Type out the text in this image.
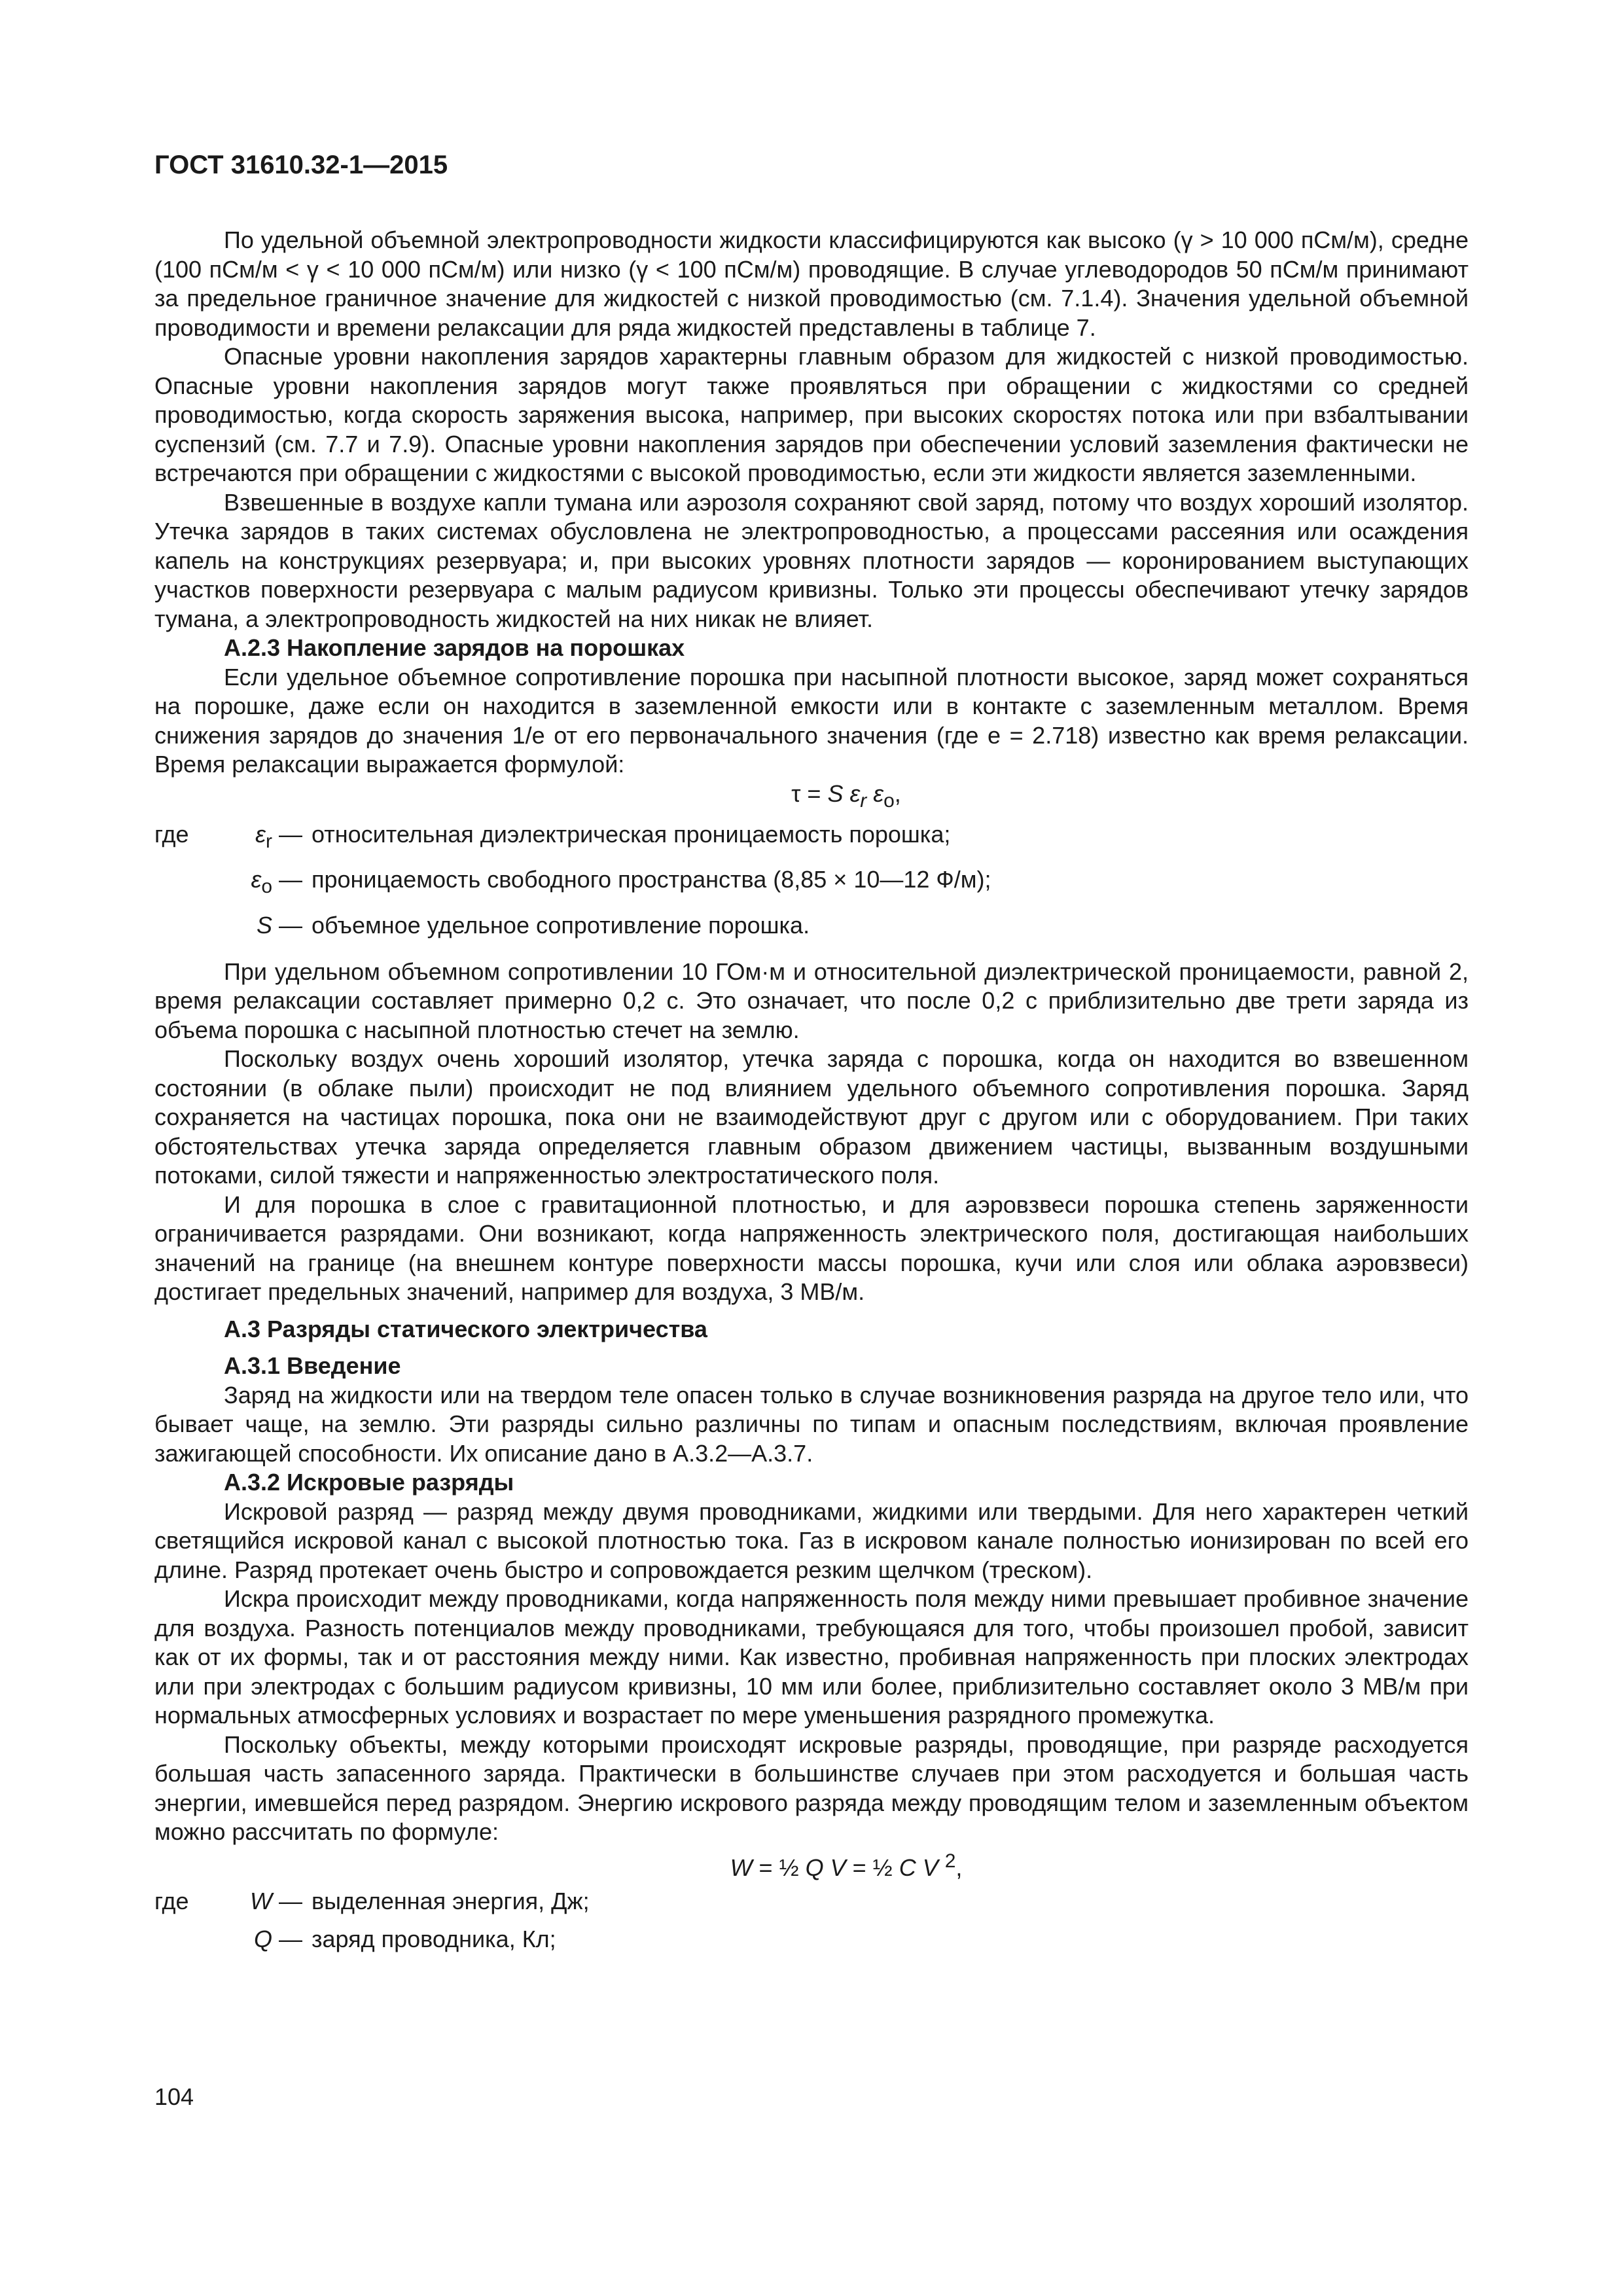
ГОСТ 31610.32-1—2015

По удельной объемной электропроводности жидкости классифицируются как высоко (γ > 10 000 пСм/м), средне (100 пСм/м < γ < 10 000 пСм/м) или низко (γ < 100 пСм/м) проводящие. В случае углеводородов 50 пСм/м принимают за предельное граничное значение для жидкостей с низкой проводимостью (см. 7.1.4). Значения удельной объемной проводимости и времени релаксации для ряда жидкостей представлены в таблице 7.

Опасные уровни накопления зарядов характерны главным образом для жидкостей с низкой проводимостью. Опасные уровни накопления зарядов могут также проявляться при обращении с жидкостями со средней проводимостью, когда скорость заряжения высока, например, при высоких скоростях потока или при взбалтывании суспензий (см. 7.7 и 7.9). Опасные уровни накопления зарядов при обеспечении условий заземления фактически не встречаются при обращении с жидкостями с высокой проводимостью, если эти жидкости является заземленными.

Взвешенные в воздухе капли тумана или аэрозоля сохраняют свой заряд, потому что воздух хороший изолятор. Утечка зарядов в таких системах обусловлена не электропроводностью, а процессами рассеяния или осаждения капель на конструкциях резервуара; и, при высоких уровнях плотности зарядов — коронированием выступающих участков поверхности резервуара с малым радиусом кривизны. Только эти процессы обеспечивают утечку зарядов тумана, а электропроводность жидкостей на них никак не влияет.

А.2.3 Накопление зарядов на порошках

Если удельное объемное сопротивление порошка при насыпной плотности высокое, заряд может сохраняться на порошке, даже если он находится в заземленной емкости или в контакте с заземленным металлом. Время снижения зарядов до значения 1/e от его первоначального значения (где e = 2.718) известно как время релаксации. Время релаксации выражается формулой:

τ = S $\varepsilon_r$ $\varepsilon_o$,

где	$\varepsilon_r$ — относительная диэлектрическая проницаемость порошка;
$\varepsilon_o$ — проницаемость свободного пространства (8,85 × 10—12 Ф/м);
S — объемное удельное сопротивление порошка.

При удельном объемном сопротивлении 10 ГОм·м и относительной диэлектрической проницаемости, равной 2, время релаксации составляет примерно 0,2 с. Это означает, что после 0,2 с приблизительно две трети заряда из объема порошка с насыпной плотностью стечет на землю.

Поскольку воздух очень хороший изолятор, утечка заряда с порошка, когда он находится во взвешенном состоянии (в облаке пыли) происходит не под влиянием удельного объемного сопротивления порошка. Заряд сохраняется на частицах порошка, пока они не взаимодействуют друг с другом или с оборудованием. При таких обстоятельствах утечка заряда определяется главным образом движением частицы, вызванным воздушными потоками, силой тяжести и напряженностью электростатического поля.

И для порошка в слое с гравитационной плотностью, и для аэровзвеси порошка степень заряженности ограничивается разрядами. Они возникают, когда напряженность электрического поля, достигающая наибольших значений на границе (на внешнем контуре поверхности массы порошка, кучи или слоя или облака аэровзвеси) достигает предельных значений, например для воздуха, 3 МВ/м.

А.3 Разряды статического электричества

А.3.1 Введение

Заряд на жидкости или на твердом теле опасен только в случае возникновения разряда на другое тело или, что бывает чаще, на землю. Эти разряды сильно различны по типам и опасным последствиям, включая проявление зажигающей способности. Их описание дано в А.3.2—А.3.7.

А.3.2 Искровые разряды

Искровой разряд — разряд между двумя проводниками, жидкими или твердыми. Для него характерен четкий светящийся искровой канал с высокой плотностью тока. Газ в искровом канале полностью ионизирован по всей его длине. Разряд протекает очень быстро и сопровождается резким щелчком (треском).

Искра происходит между проводниками, когда напряженность поля между ними превышает пробивное значение для воздуха. Разность потенциалов между проводниками, требующаяся для того, чтобы произошел пробой, зависит как от их формы, так и от расстояния между ними. Как известно, пробивная напряженность при плоских электродах или при электродах с большим радиусом кривизны, 10 мм или более, приблизительно составляет около 3 МВ/м при нормальных атмосферных условиях и возрастает по мере уменьшения разрядного промежутка.

Поскольку объекты, между которыми происходят искровые разряды, проводящие, при разряде расходуется большая часть запасенного заряда. Практически в большинстве случаев при этом расходуется и большая часть энергии, имевшейся перед разрядом. Энергию искрового разряда между проводящим телом и заземленным объектом можно рассчитать по формуле:

W = ½ Q V = ½ C V $^2$,

где	W — выделенная энергия, Дж;
Q — заряд проводника, Кл;
104
